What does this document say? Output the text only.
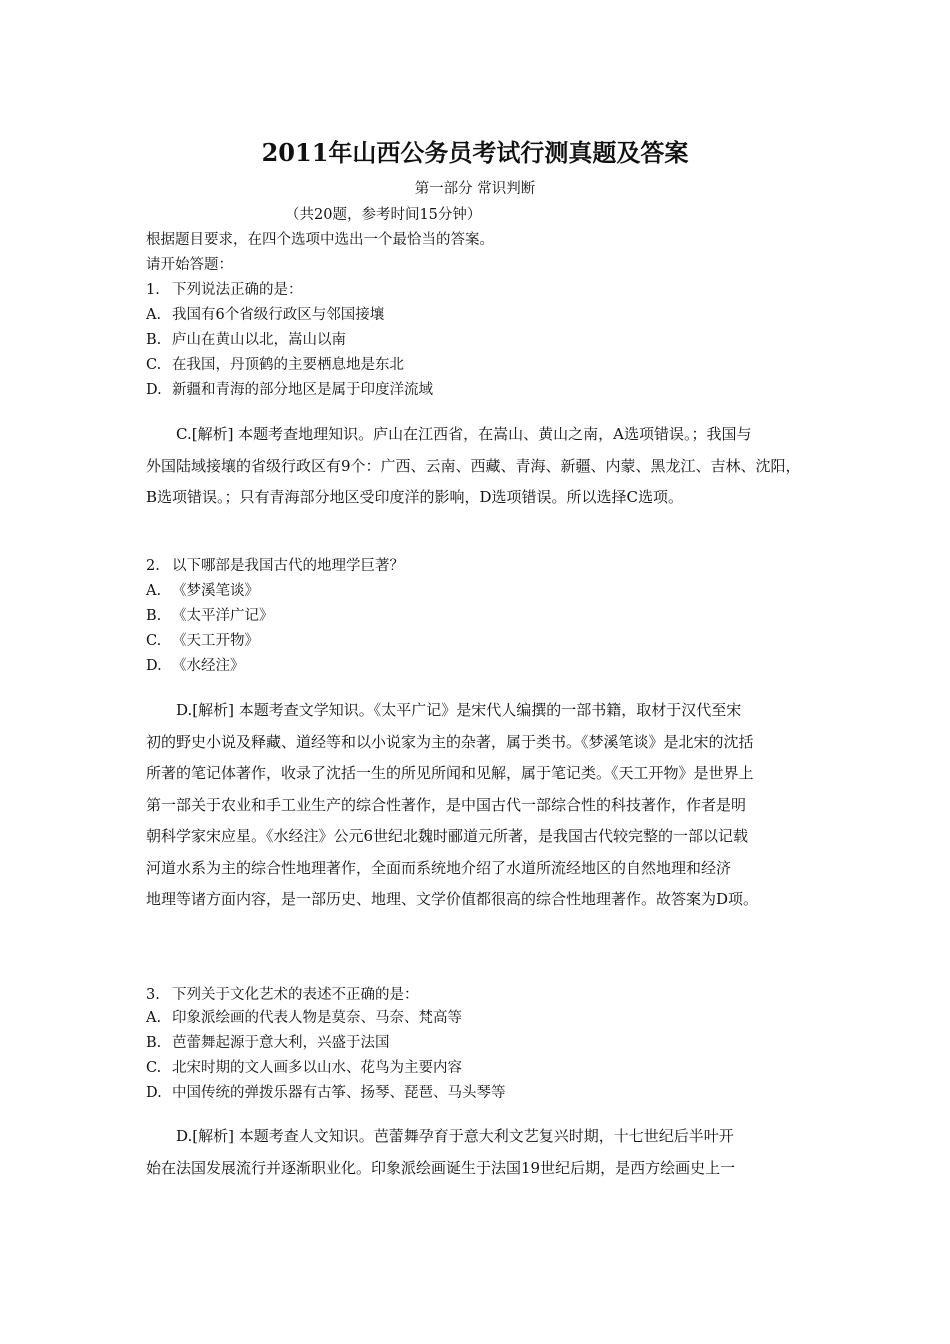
2011年山西公务员考试行测真题及答案
第一部分 常识判断
（共20题，参考时间15分钟）
根据题目要求，在四个选项中选出一个最恰当的答案。
请开始答题：
1. 下列说法正确的是：
A. 我国有6个省级行政区与邻国接壤
B. 庐山在黄山以北，嵩山以南
C. 在我国，丹顶鹤的主要栖息地是东北
D. 新疆和青海的部分地区是属于印度洋流域

C.[解析] 本题考查地理知识。庐山在江西省，在嵩山、黄山之南，A选项错误。；我国与

外国陆域接壤的省级行政区有9个：广西、云南、西藏、青海、新疆、内蒙、黑龙江、吉林、沈阳，

B选项错误。；只有青海部分地区受印度洋的影响，D选项错误。所以选择C选项。

2. 以下哪部是我国古代的地理学巨著？
A. 《梦溪笔谈》
B. 《太平洋广记》
C. 《天工开物》
D. 《水经注》

D.[解析] 本题考查文学知识。《太平广记》是宋代人编撰的一部书籍，取材于汉代至宋

初的野史小说及释藏、道经等和以小说家为主的杂著，属于类书。《梦溪笔谈》是北宋的沈括

所著的笔记体著作，收录了沈括一生的所见所闻和见解，属于笔记类。《天工开物》是世界上

第一部关于农业和手工业生产的综合性著作，是中国古代一部综合性的科技著作，作者是明

朝科学家宋应星。《水经注》公元6世纪北魏时郦道元所著，是我国古代较完整的一部以记载

河道水系为主的综合性地理著作，全面而系统地介绍了水道所流经地区的自然地理和经济

地理等诸方面内容，是一部历史、地理、文学价值都很高的综合性地理著作。故答案为D项。

3. 下列关于文化艺术的表述不正确的是：
A. 印象派绘画的代表人物是莫奈、马奈、梵高等
B. 芭蕾舞起源于意大利，兴盛于法国
C. 北宋时期的文人画多以山水、花鸟为主要内容
D. 中国传统的弹拨乐器有古筝、扬琴、琵琶、马头琴等

D.[解析] 本题考查人文知识。芭蕾舞孕育于意大利文艺复兴时期，十七世纪后半叶开

始在法国发展流行并逐渐职业化。印象派绘画诞生于法国19世纪后期，是西方绘画史上一
